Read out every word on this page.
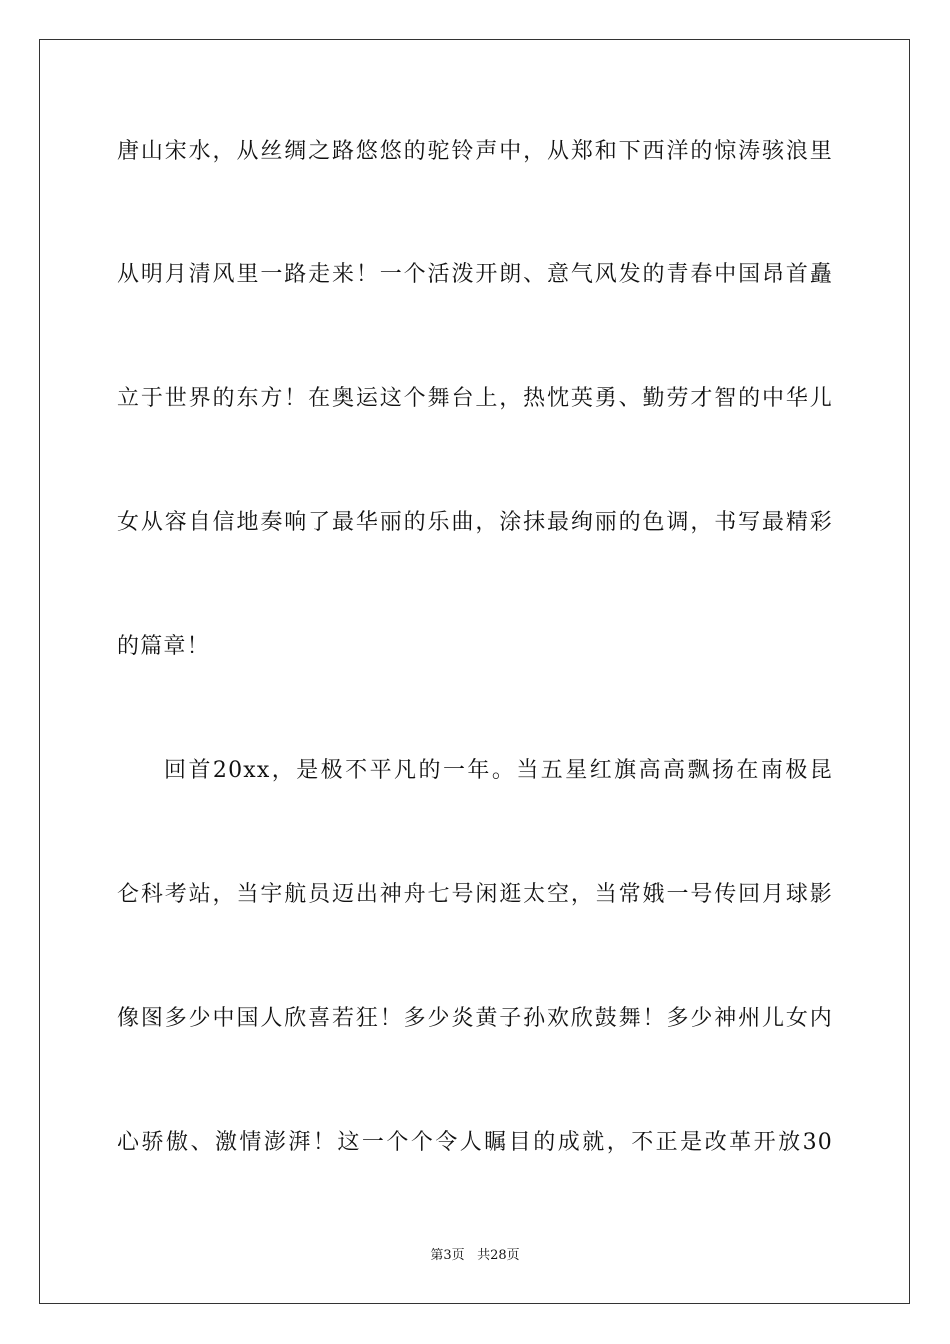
唐山宋水，从丝绸之路悠悠的驼铃声中，从郑和下西洋的惊涛骇浪里
从明月清风里一路走来！一个活泼开朗、意气风发的青春中国昂首矗
立于世界的东方！在奥运这个舞台上，热忱英勇、勤劳才智的中华儿
女从容自信地奏响了最华丽的乐曲，涂抹最绚丽的色调，书写最精彩
的篇章！
回首20xx，是极不平凡的一年。当五星红旗高高飘扬在南极昆
仑科考站，当宇航员迈出神舟七号闲逛太空，当常娥一号传回月球影
像图多少中国人欣喜若狂！多少炎黄子孙欢欣鼓舞！多少神州儿女内
心骄傲、激情澎湃！这一个个令人瞩目的成就，不正是改革开放30
第3页 共28页
